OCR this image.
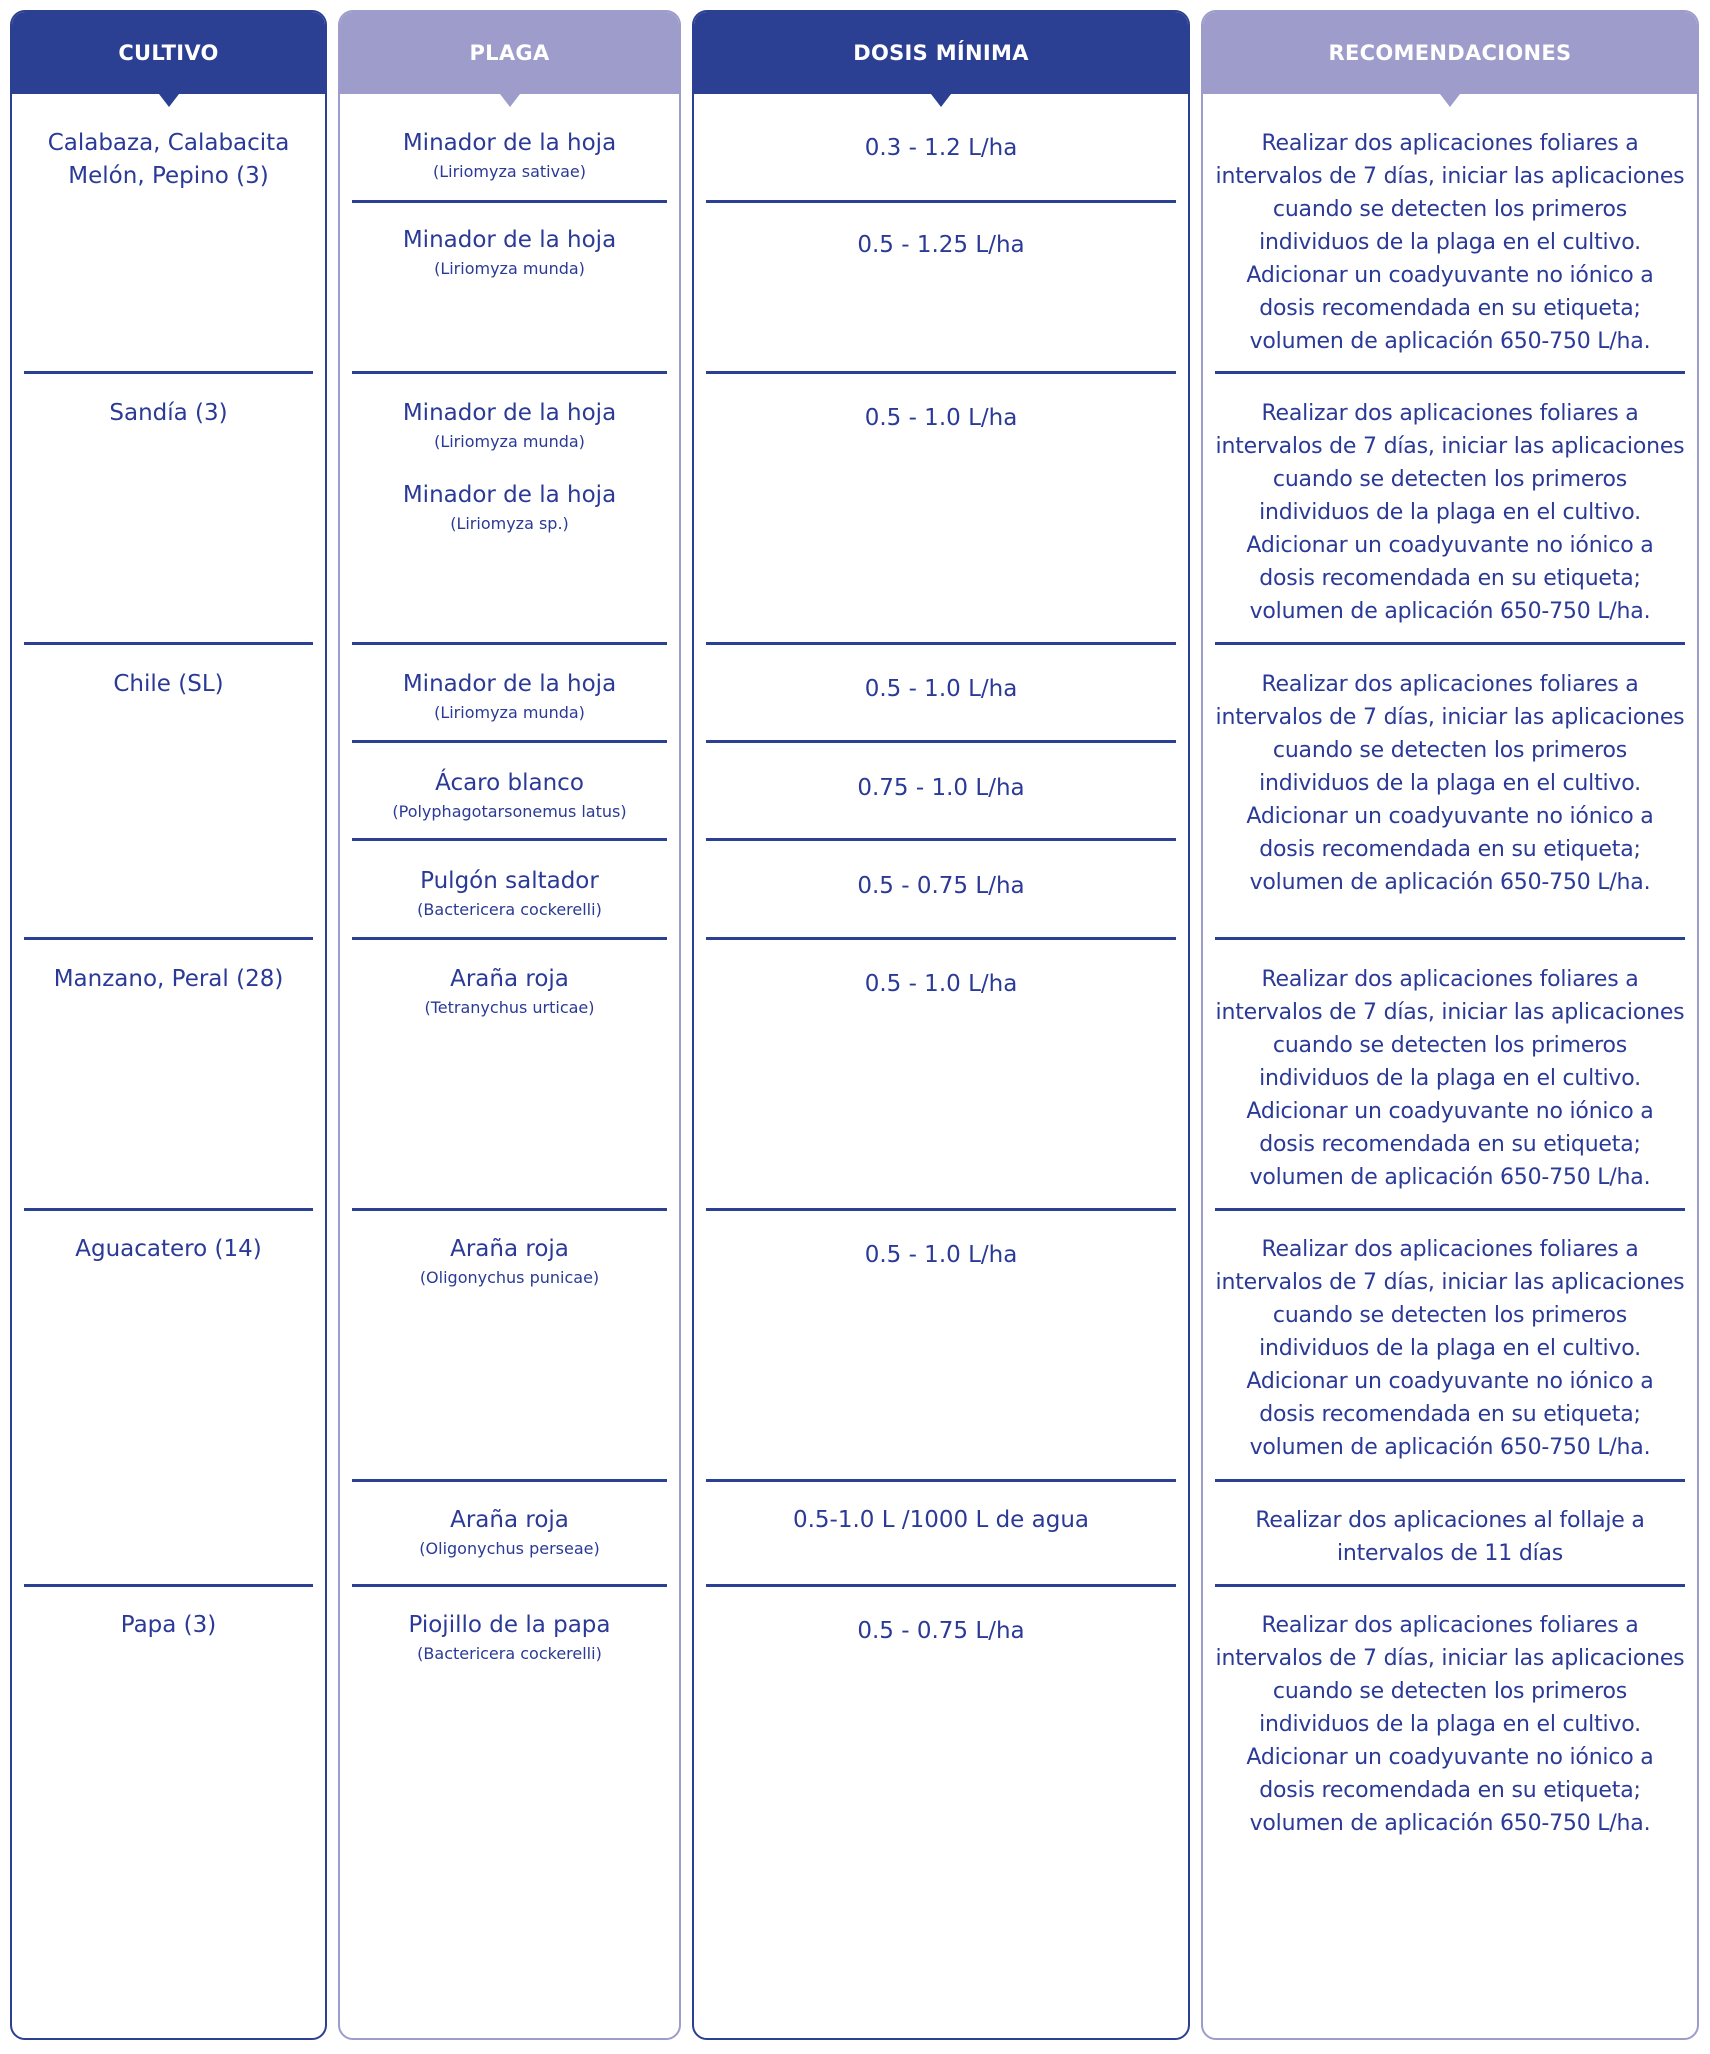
CULTIVO
Calabaza, Calabacita
Melón, Pepino (3)
Sandía (3)
Chile (SL)
Manzano, Peral (28)
Aguacatero (14)
Papa (3)
PLAGA
Minador de la hoja
(Liriomyza sativae)
Minador de la hoja
(Liriomyza munda)
Minador de la hoja
(Liriomyza munda)
Minador de la hoja
(Liriomyza sp.)
Minador de la hoja
(Liriomyza munda)
Ácaro blanco
(Polyphagotarsonemus latus)
Pulgón saltador
(Bactericera cockerelli)
Araña roja
(Tetranychus urticae)
Araña roja
(Oligonychus punicae)
Araña roja
(Oligonychus perseae)
Piojillo de la papa
(Bactericera cockerelli)
DOSIS MÍNIMA
0.3 - 1.2 L/ha
0.5 - 1.25 L/ha
0.5 - 1.0 L/ha
0.5 - 1.0 L/ha
0.75 - 1.0 L/ha
0.5 - 0.75 L/ha
0.5 - 1.0 L/ha
0.5 - 1.0 L/ha
0.5-1.0 L /1000 L de agua
0.5 - 0.75 L/ha
RECOMENDACIONES
Realizar dos aplicaciones foliares a
intervalos de 7 días, iniciar las aplicaciones
cuando se detecten los primeros
individuos de la plaga en el cultivo.
Adicionar un coadyuvante no iónico a
dosis recomendada en su etiqueta;
volumen de aplicación 650-750 L/ha.
Realizar dos aplicaciones foliares a
intervalos de 7 días, iniciar las aplicaciones
cuando se detecten los primeros
individuos de la plaga en el cultivo.
Adicionar un coadyuvante no iónico a
dosis recomendada en su etiqueta;
volumen de aplicación 650-750 L/ha.
Realizar dos aplicaciones foliares a
intervalos de 7 días, iniciar las aplicaciones
cuando se detecten los primeros
individuos de la plaga en el cultivo.
Adicionar un coadyuvante no iónico a
dosis recomendada en su etiqueta;
volumen de aplicación 650-750 L/ha.
Realizar dos aplicaciones foliares a
intervalos de 7 días, iniciar las aplicaciones
cuando se detecten los primeros
individuos de la plaga en el cultivo.
Adicionar un coadyuvante no iónico a
dosis recomendada en su etiqueta;
volumen de aplicación 650-750 L/ha.
Realizar dos aplicaciones foliares a
intervalos de 7 días, iniciar las aplicaciones
cuando se detecten los primeros
individuos de la plaga en el cultivo.
Adicionar un coadyuvante no iónico a
dosis recomendada en su etiqueta;
volumen de aplicación 650-750 L/ha.
Realizar dos aplicaciones al follaje a
intervalos de 11 días
Realizar dos aplicaciones foliares a
intervalos de 7 días, iniciar las aplicaciones
cuando se detecten los primeros
individuos de la plaga en el cultivo.
Adicionar un coadyuvante no iónico a
dosis recomendada en su etiqueta;
volumen de aplicación 650-750 L/ha.
